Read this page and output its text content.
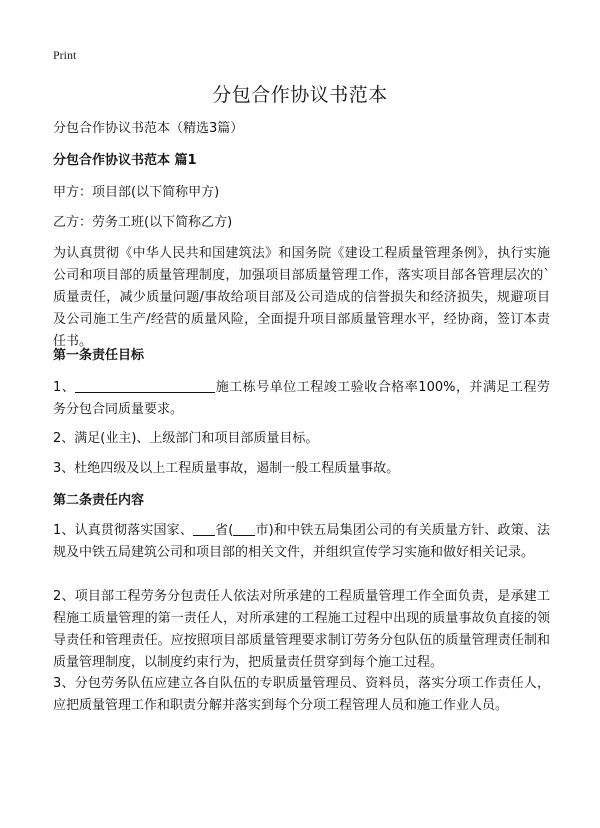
Print
分包合作协议书范本

分包合作协议书范本（精选3篇）

分包合作协议书范本 篇1

甲方：项目部(以下简称甲方)

乙方：劳务工班(以下简称乙方)

为认真贯彻《中华人民共和国建筑法》和国务院《建设工程质量管理条例》，执行实施公司和项目部的质量管理制度，加强项目部质量管理工作，落实项目部各管理层次的`质量责任，减少质量问题/事故给项目部及公司造成的信誉损失和经济损失，规避项目及公司施工生产/经营的质量风险，全面提升项目部质量管理水平，经协商，签订本责任书。

第一条责任目标

1、	施工栋号单位工程竣工验收合格率100%，并满足工程劳务分包合同质量要求。

2、满足(业主)、上级部门和项目部质量目标。

3、杜绝四级及以上工程质量事故，遏制一般工程质量事故。

第二条责任内容

1、认真贯彻落实国家、 省( 市)和中铁五局集团公司的有关质量方针、政策、法规及中铁五局建筑公司和项目部的相关文件，并组织宣传学习实施和做好相关记录。

2、项目部工程劳务分包责任人依法对所承建的工程质量管理工作全面负责，是承建工程施工质量管理的第一责任人，对所承建的工程施工过程中出现的质量事故负直接的领导责任和管理责任。应按照项目部质量管理要求制订劳务分包队伍的质量管理责任制和质量管理制度，以制度约束行为，把质量责任贯穿到每个施工过程。

3、分包劳务队伍应建立各自队伍的专职质量管理员、资料员，落实分项工作责任人，应把质量管理工作和职责分解并落实到每个分项工程管理人员和施工作业人员。
